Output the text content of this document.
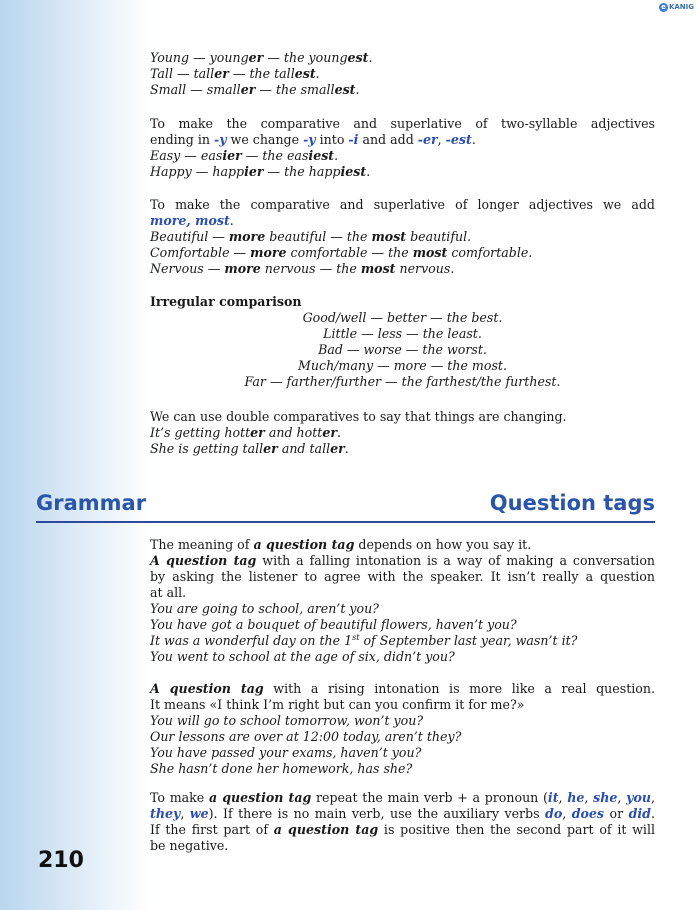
e KANIG
Young — younger — the youngest.
Tall — taller — the tallest.
Small — smaller — the smallest.
To make the comparative and superlative of two-syllable adjectives
ending in -y we change -y into -i and add -er, -est.
Easy — easier — the easiest.
Happy — happier — the happiest.
To make the comparative and superlative of longer adjectives we add
more, most.
Beautiful — more beautiful — the most beautiful.
Comfortable — more comfortable — the most comfortable.
Nervous — more nervous — the most nervous.
Irregular comparison
Good/well — better — the best.
Little — less — the least.
Bad — worse — the worst.
Much/many — more — the most.
Far — farther/further — the farthest/the furthest.
We can use double comparatives to say that things are changing.
It’s getting hotter and hotter.
She is getting taller and taller.
Grammar	Question tags
The meaning of a question tag depends on how you say it.
A question tag with a falling intonation is a way of making a conversation
by asking the listener to agree with the speaker. It isn’t really a question
at all.
You are going to school, aren’t you?
You have got a bouquet of beautiful flowers, haven’t you?
It was a wonderful day on the 1st of September last year, wasn’t it?
You went to school at the age of six, didn’t you?
A question tag with a rising intonation is more like a real question.
It means «I think I’m right but can you confirm it for me?»
You will go to school tomorrow, won’t you?
Our lessons are over at 12:00 today, aren’t they?
You have passed your exams, haven’t you?
She hasn’t done her homework, has she?
To make a question tag repeat the main verb + a pronoun (it, he, she, you,
they, we). If there is no main verb, use the auxiliary verbs do, does or did.
If the first part of a question tag is positive then the second part of it will
be negative.
210
